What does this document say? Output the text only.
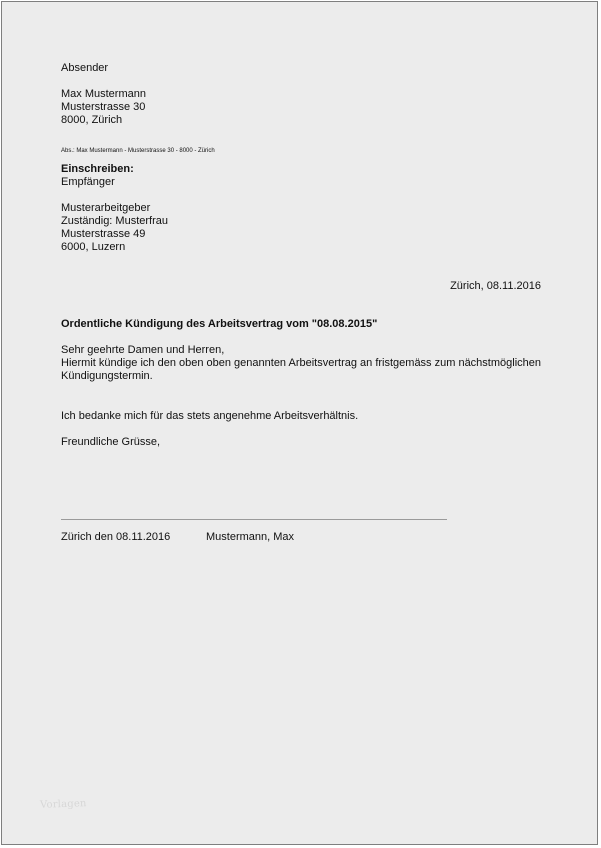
Absender
Max Mustermann
Musterstrasse 30
8000, Zürich
Abs.: Max Mustermann - Musterstrasse 30 - 8000 - Zürich
Einschreiben:
Empfänger
Musterarbeitgeber
Zuständig: Musterfrau
Musterstrasse 49
6000, Luzern
Zürich, 08.11.2016
Ordentliche Kündigung des Arbeitsvertrag vom "08.08.2015"
Sehr geehrte Damen und Herren,
Hiermit kündige ich den oben oben genannten Arbeitsvertrag an fristgemäss zum nächstmöglichen
Kündigungstermin.
Ich bedanke mich für das stets angenehme Arbeitsverhältnis.
Freundliche Grüsse,
Zürich den 08.11.2016	Mustermann, Max
Vorlagen
